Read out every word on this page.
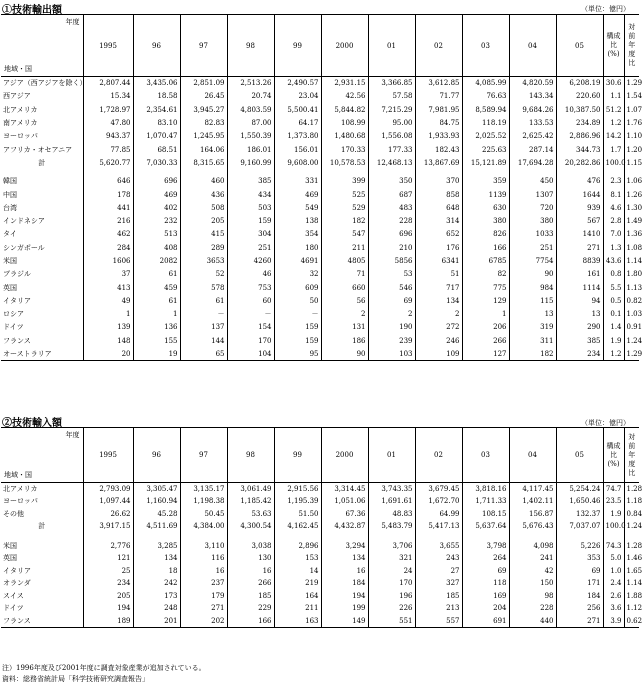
①技術輸出額	（単位：億円）
年度
地域・国	1995	96	97	98	99	2000	01	02	03	04	05	構成比(%)	対前年度 比
アジア（西アジアを除く）	2,807.44	3,435.06	2,851.09	2,513.26	2,490.57	2,931.15	3,366.85	3,612.85	4,085.99	4,820.59	6,208.19	30.6	1.29
西アジア	15.34	18.58	26.45	20.74	23.04	42.56	57.58	71.77	76.63	143.34	220.60	1.1	1.54
北アメリカ	1,728.97	2,354.61	3,945.27	4,803.59	5,500.41	5,844.82	7,215.29	7,981.95	8,589.94	9,684.26	10,387.50	51.2	1.07
南アメリカ	47.80	83.10	82.83	87.00	64.17	108.99	95.00	84.75	118.19	133.53	234.89	1.2	1.76
ヨーロッパ	943.37	1,070.47	1,245.95	1,550.39	1,373.80	1,480.68	1,556.08	1,933.93	2,025.52	2,625.42	2,886.96	14.2	1.10
アフリカ・オセアニア	77.85	68.51	164.06	186.01	156.01	170.33	177.33	182.43	225.63	287.14	344.73	1.7	1.20
計	5,620.77	7,030.33	8,315.65	9,160.99	9,608.00	10,578.53	12,468.13	13,867.69	15,121.89	17,694.28	20,282.86	100.0	1.15

韓国	646	696	460	385	331	399	350	370	359	450	476	2.3	1.06
中国	178	469	436	434	469	525	687	858	1139	1307	1644	8.1	1.26
台湾	441	402	508	503	549	529	483	648	630	720	939	4.6	1.30
インドネシア	216	232	205	159	138	182	228	314	380	380	567	2.8	1.49
タイ	462	513	415	304	354	547	696	652	826	1033	1410	7.0	1.36
シンガポール	284	408	289	251	180	211	210	176	166	251	271	1.3	1.08
米国	1606	2082	3653	4260	4691	4805	5856	6341	6785	7754	8839	43.6	1.14
ブラジル	37	61	52	46	32	71	53	51	82	90	161	0.8	1.80
英国	413	459	578	753	609	660	546	717	775	984	1114	5.5	1.13
イタリア	49	61	61	60	50	56	69	134	129	115	94	0.5	0.82
ロシア	1	1	－	－	－	2	2	2	1	13	13	0.1	1.03
ドイツ	139	136	137	154	159	131	190	272	206	319	290	1.4	0.91
フランス	148	155	144	170	159	186	239	246	266	311	385	1.9	1.24
オーストラリア	20	19	65	104	95	90	103	109	127	182	234	1.2	1.29
②技術輸入額	（単位：億円）
年度
地域・国	1995	96	97	98	99	2000	01	02	03	04	05	構成比(%)	対前年度 比
北アメリカ	2,793.09	3,305.47	3,135.17	3,061.49	2,915.56	3,314.45	3,743.35	3,679.45	3,818.16	4,117.45	5,254.24	74.7	1.28
ヨーロッパ	1,097.44	1,160.94	1,198.38	1,185.42	1,195.39	1,051.06	1,691.61	1,672.70	1,711.33	1,402.11	1,650.46	23.5	1.18
その他	26.62	45.28	50.45	53.63	51.50	67.36	48.83	64.99	108.15	156.87	132.37	1.9	0.84
計	3,917.15	4,511.69	4,384.00	4,300.54	4,162.45	4,432.87	5,483.79	5,417.13	5,637.64	5,676.43	7,037.07	100.0	1.24

米国	2,776	3,285	3,110	3,038	2,896	3,294	3,706	3,655	3,798	4,098	5,226	74.3	1.28
英国	121	134	116	130	153	134	321	243	264	241	353	5.0	1.46
イタリア	25	18	16	16	14	16	24	27	69	42	69	1.0	1.65
オランダ	234	242	237	266	219	184	170	327	118	150	171	2.4	1.14
スイス	205	173	179	185	164	194	196	185	169	98	184	2.6	1.88
ドイツ	194	248	271	229	211	199	226	213	204	228	256	3.6	1.12
フランス	189	201	202	166	163	149	551	557	691	440	271	3.9	0.62
注）1996年度及び2001年度に調査対象産業が追加されている。
資料：総務省統計局「科学技術研究調査報告」
